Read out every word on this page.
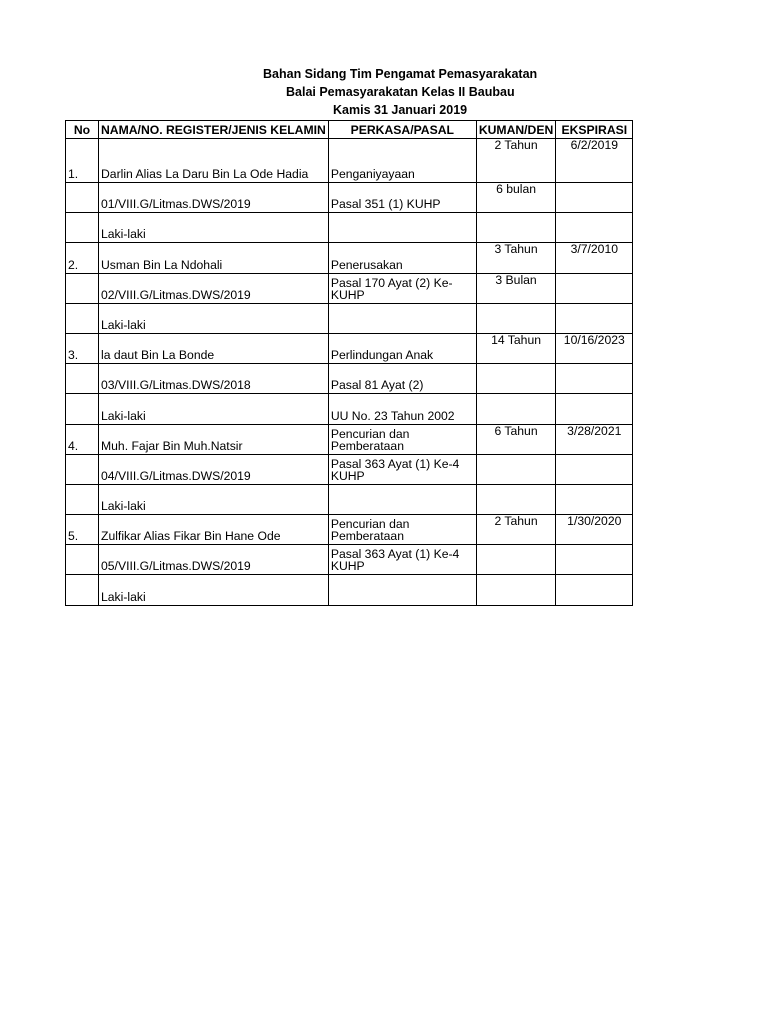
Bahan Sidang Tim Pengamat Pemasyarakatan
Balai Pemasyarakatan Kelas II Baubau
Kamis 31 Januari 2019
No	NAMA/NO. REGISTER/JENIS KELAMIN	PERKASA/PASAL	KUMAN/DEN	EKSPIRASI
1.	Darlin Alias La Daru Bin La Ode Hadia	Penganiyayaan	2 Tahun	6/2/2019
	01/VIII.G/Litmas.DWS/2019	Pasal 351 (1) KUHP	6 bulan	
	Laki-laki			
2.	Usman Bin La Ndohali	Penerusakan	3 Tahun	3/7/2010
	02/VIII.G/Litmas.DWS/2019	Pasal 170 Ayat (2) Ke-KUHP	3 Bulan	
	Laki-laki			
3.	la daut Bin La Bonde	Perlindungan Anak	14 Tahun	10/16/2023
	03/VIII.G/Litmas.DWS/2018	Pasal 81 Ayat (2)		
	Laki-laki	UU No. 23 Tahun 2002		
4.	Muh. Fajar Bin Muh.Natsir	Pencurian dan Pemberataan	6 Tahun	3/28/2021
	04/VIII.G/Litmas.DWS/2019	Pasal 363 Ayat (1) Ke-4 KUHP		
	Laki-laki			
5.	Zulfikar Alias Fikar Bin Hane Ode	Pencurian dan Pemberataan	2 Tahun	1/30/2020
	05/VIII.G/Litmas.DWS/2019	Pasal 363 Ayat (1) Ke-4 KUHP		
	Laki-laki			
